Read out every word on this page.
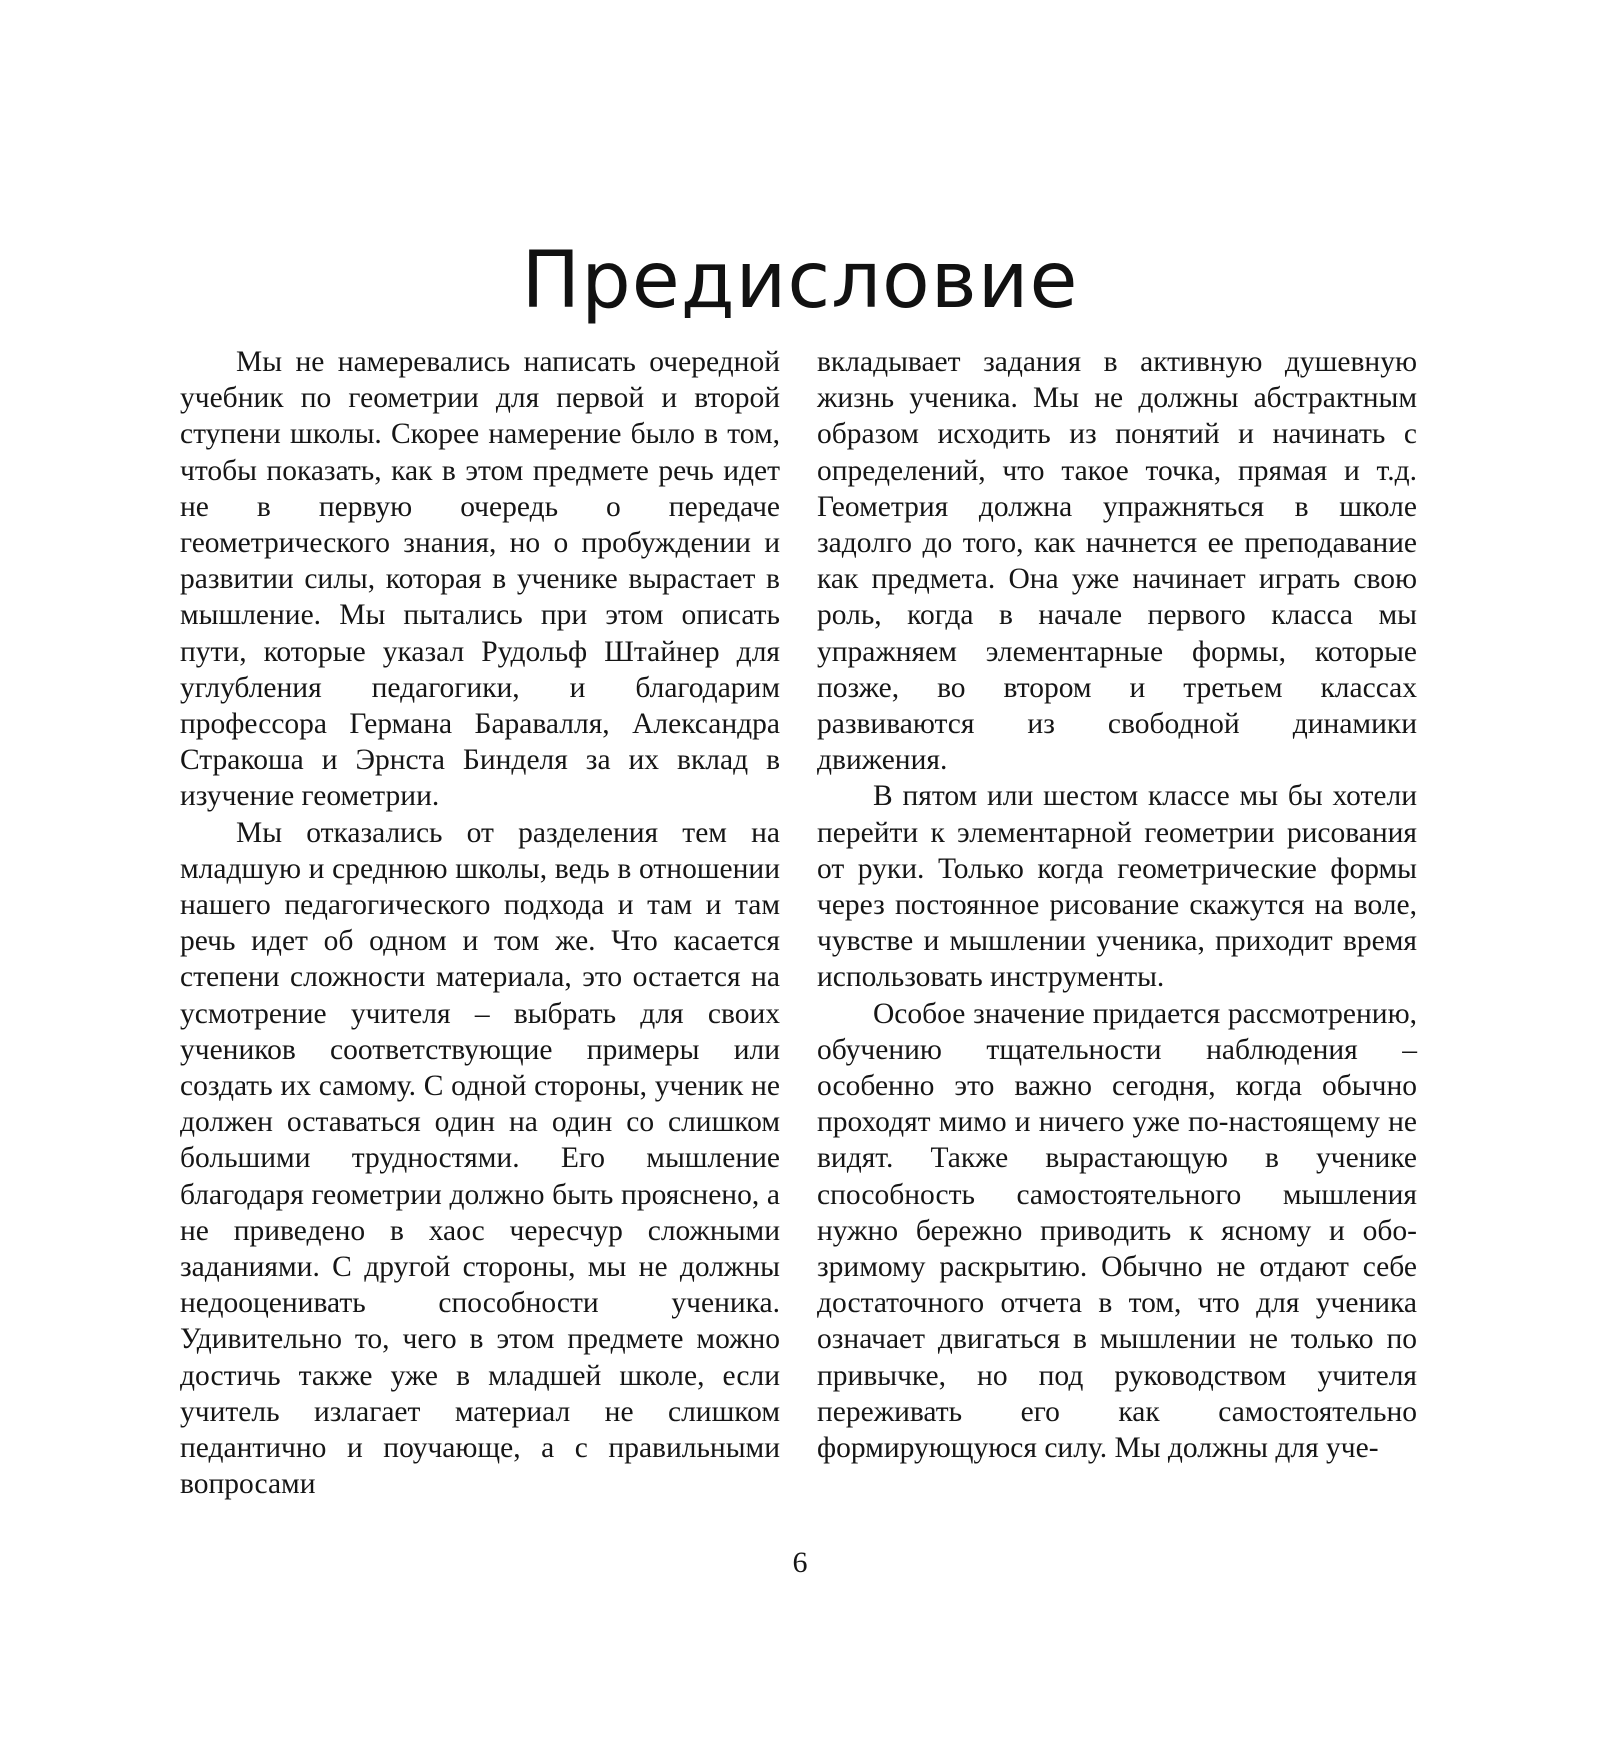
Предисловие

Мы не намеревались написать очередной учебник по геометрии для первой и второй ступени школы. Скорее намерение было в том, чтобы показать, как в этом предмете речь идет не в первую очередь о передаче геометрического знания, но о пробуждении и развитии силы, которая в ученике вырастает в мышление. Мы пытались при этом описать пути, которые указал Рудольф Штайнер для углубления педагогики, и благодарим профессора Германа Баравалля, Александра Стракоша и Эрнста Бинделя за их вклад в изучение геометрии.

Мы отказались от разделения тем на младшую и среднюю школы, ведь в отношении нашего педагогического подхода и там и там речь идет об одном и том же. Что касается степени сложности материала, это остается на усмотрение учителя – выбрать для своих учеников соответствующие примеры или создать их самому. С одной стороны, ученик не должен оставаться один на один со слишком большими трудностями. Его мышление благодаря геометрии должно быть прояснено, а не приведено в хаос чересчур сложными заданиями. С другой стороны, мы не должны недооценивать способности ученика. Удивительно то, чего в этом предмете можно достичь также уже в младшей школе, если учитель излагает материал не слишком педантично и поучающе, а с правильными вопросами

вкладывает задания в активную душевную жизнь ученика. Мы не должны абстрактным образом исходить из понятий и начинать с определений, что такое точка, прямая и т.д. Геометрия должна упражняться в школе задолго до того, как начнется ее преподавание как предмета. Она уже начинает играть свою роль, когда в начале первого класса мы упражняем элементарные формы, которые позже, во втором и третьем классах развиваются из свободной динамики движения.

В пятом или шестом классе мы бы хотели перейти к элементарной геометрии рисования от руки. Только когда геометрические формы через постоянное рисование скажутся на воле, чувстве и мышлении ученика, приходит время использовать инструменты.

Особое значение придается рассмотрению, обучению тщательности наблюдения – особенно это важно сегодня, когда обычно проходят мимо и ничего уже по-настоящему не видят. Также вырастающую в ученике способность самостоятельного мышления нужно бережно приводить к ясному и обозримому раскрытию. Обычно не отдают себе достаточного отчета в том, что для ученика означает двигаться в мышлении не только по привычке, но под руководством учителя переживать его как самостоятельно формирующуюся силу. Мы должны для уче-

6
